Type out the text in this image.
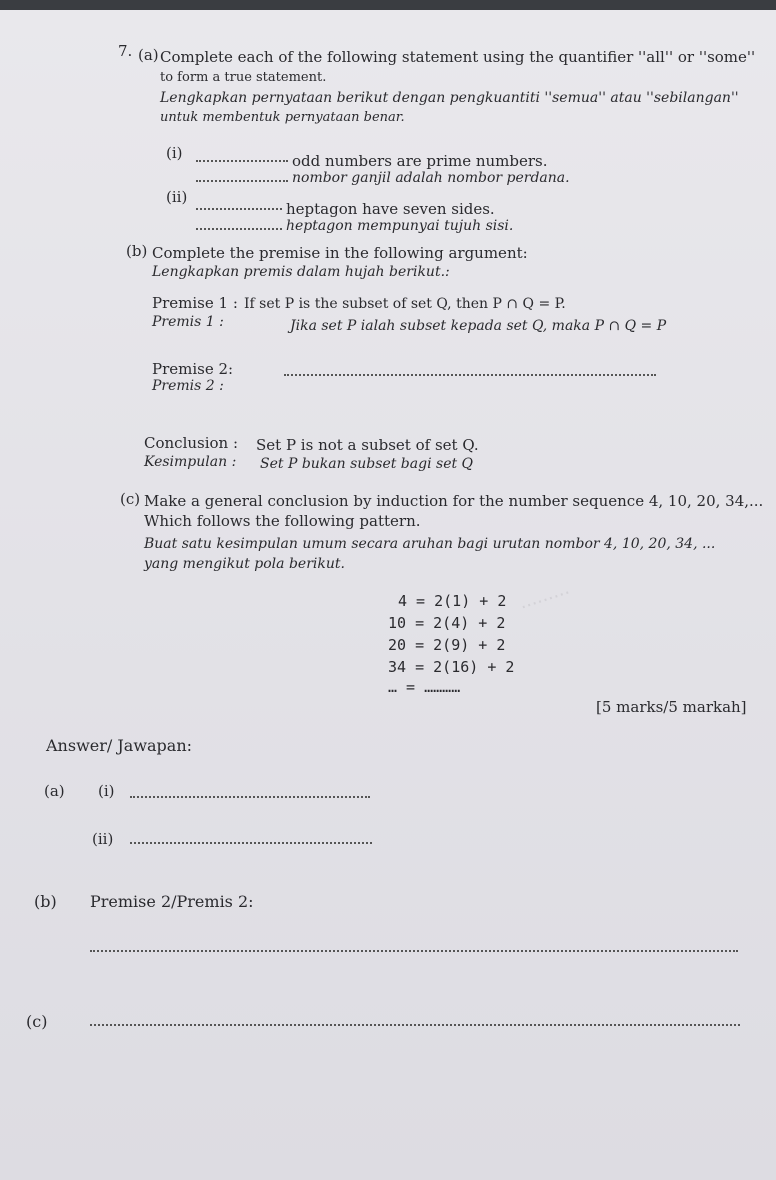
·········
7. (a) Complete each of the following statement using the quantifier ''all'' or ''some''
to form a true statement.
Lengkapkan pernyataan berikut dengan pengkuantiti ''semua'' atau ''sebilangan''
untuk membentuk pernyataan benar.
(i)	odd numbers are prime numbers.
nombor ganjil adalah nombor perdana.
(ii)
heptagon have seven sides.
heptagon mempunyai tujuh sisi.
(b) Complete the premise in the following argument:
Lengkapkan premis dalam hujah berikut.:
Premise 1 : If set P is the subset of set Q, then P ∩ Q = P.
Premis 1 :	Jika set P ialah subset kepada set Q, maka P ∩ Q = P
Premise 2:
Premis 2 :
Conclusion : Set P is not a subset of set Q.
Kesimpulan : Set P bukan subset bagi set Q
(c) Make a general conclusion by induction for the number sequence 4, 10, 20, 34,...
Which follows the following pattern.
Buat satu kesimpulan umum secara aruhan bagi urutan nombor 4, 10, 20, 34, ...
yang mengikut pola berikut.
4 = 2(1) + 2
10 = 2(4) + 2
20 = 2(9) + 2
34 = 2(16) + 2
… = …………
[5 marks/5 markah]
Answer/ Jawapan:
(a) (i)
(ii)
(b) Premise 2/Premis 2:
(c)
